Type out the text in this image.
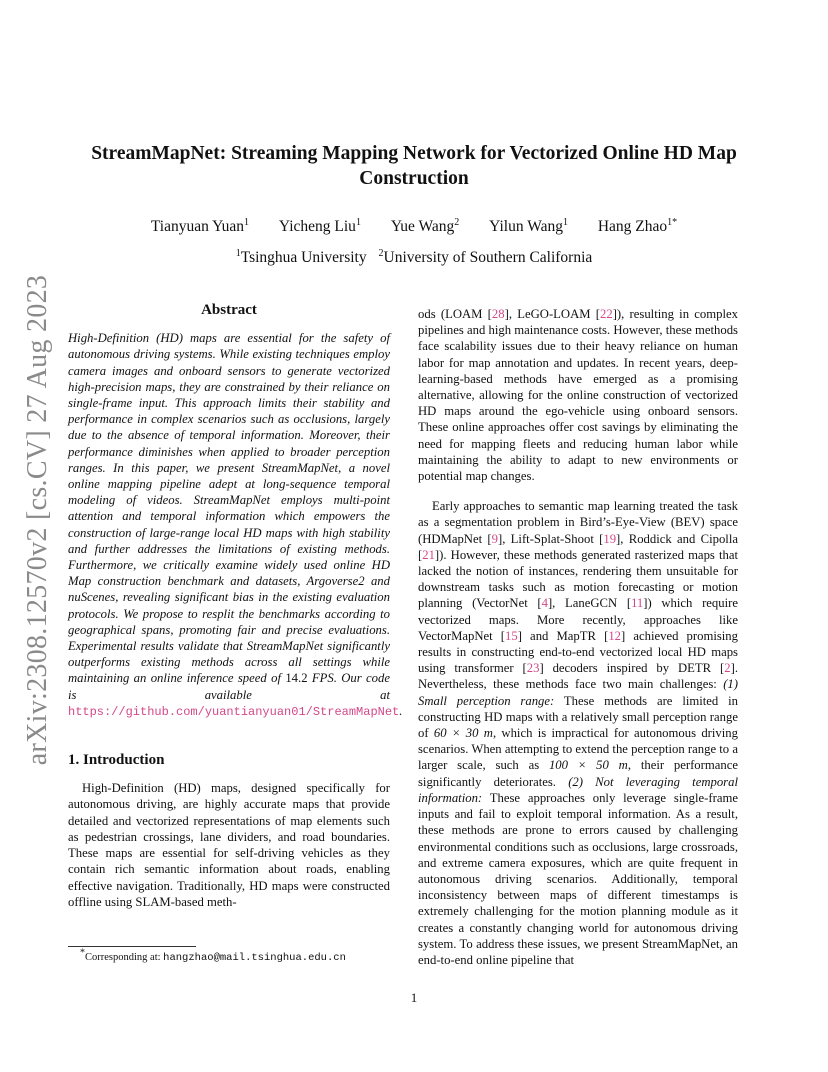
arXiv:2308.12570v2 [cs.CV] 27 Aug 2023
StreamMapNet: Streaming Mapping Network for Vectorized Online HD Map Construction
Tianyuan Yuan$^1$ Yicheng Liu$^1$ Yue Wang$^2$ Yilun Wang$^1$ Hang Zhao$^{1*}$
$^1$Tsinghua University $^2$University of Southern California
Abstract

High-Definition (HD) maps are essential for the safety of autonomous driving systems. While existing techniques employ camera images and onboard sensors to generate vectorized high-precision maps, they are constrained by their reliance on single-frame input. This approach limits their stability and performance in complex scenarios such as occlusions, largely due to the absence of temporal information. Moreover, their performance diminishes when applied to broader perception ranges. In this paper, we present StreamMapNet, a novel online mapping pipeline adept at long-sequence temporal modeling of videos. StreamMapNet employs multi-point attention and temporal information which empowers the construction of large-range local HD maps with high stability and further addresses the limitations of existing methods. Furthermore, we critically examine widely used online HD Map construction benchmark and datasets, Argoverse2 and nuScenes, revealing significant bias in the existing evaluation protocols. We propose to resplit the benchmarks according to geographical spans, promoting fair and precise evaluations. Experimental results validate that StreamMapNet significantly outperforms existing methods across all settings while maintaining an online inference speed of 14.2 FPS. Our code is available at https://github.com/yuantianyuan01/StreamMapNet.

1. Introduction

High-Definition (HD) maps, designed specifically for autonomous driving, are highly accurate maps that provide detailed and vectorized representations of map elements such as pedestrian crossings, lane dividers, and road boundaries. These maps are essential for self-driving vehicles as they contain rich semantic information about roads, enabling effective navigation. Traditionally, HD maps were constructed offline using SLAM-based meth-

ods (LOAM [28], LeGO-LOAM [22]), resulting in complex pipelines and high maintenance costs. However, these methods face scalability issues due to their heavy reliance on human labor for map annotation and updates. In recent years, deep-learning-based methods have emerged as a promising alternative, allowing for the online construction of vectorized HD maps around the ego-vehicle using onboard sensors. These online approaches offer cost savings by eliminating the need for mapping fleets and reducing human labor while maintaining the ability to adapt to new environments or potential map changes.

Early approaches to semantic map learning treated the task as a segmentation problem in Bird’s-Eye-View (BEV) space (HDMapNet [9], Lift-Splat-Shoot [19], Roddick and Cipolla [21]). However, these methods generated rasterized maps that lacked the notion of instances, rendering them unsuitable for downstream tasks such as motion forecasting or motion planning (VectorNet [4], LaneGCN [11]) which require vectorized maps. More recently, approaches like VectorMapNet [15] and MapTR [12] achieved promising results in constructing end-to-end vectorized local HD maps using transformer [23] decoders inspired by DETR [2]. Nevertheless, these methods face two main challenges: (1) Small perception range: These methods are limited in constructing HD maps with a relatively small perception range of 60 × 30 m, which is impractical for autonomous driving scenarios. When attempting to extend the perception range to a larger scale, such as 100 × 50 m, their performance significantly deteriorates. (2) Not leveraging temporal information: These approaches only leverage single-frame inputs and fail to exploit temporal information. As a result, these methods are prone to errors caused by challenging environmental conditions such as occlusions, large crossroads, and extreme camera exposures, which are quite frequent in autonomous driving scenarios. Additionally, temporal inconsistency between maps of different timestamps is extremely challenging for the motion planning module as it creates a constantly changing world for autonomous driving system. To address these issues, we present StreamMapNet, an end-to-end online pipeline that

*Corresponding at: hangzhao@mail.tsinghua.edu.cn
1
